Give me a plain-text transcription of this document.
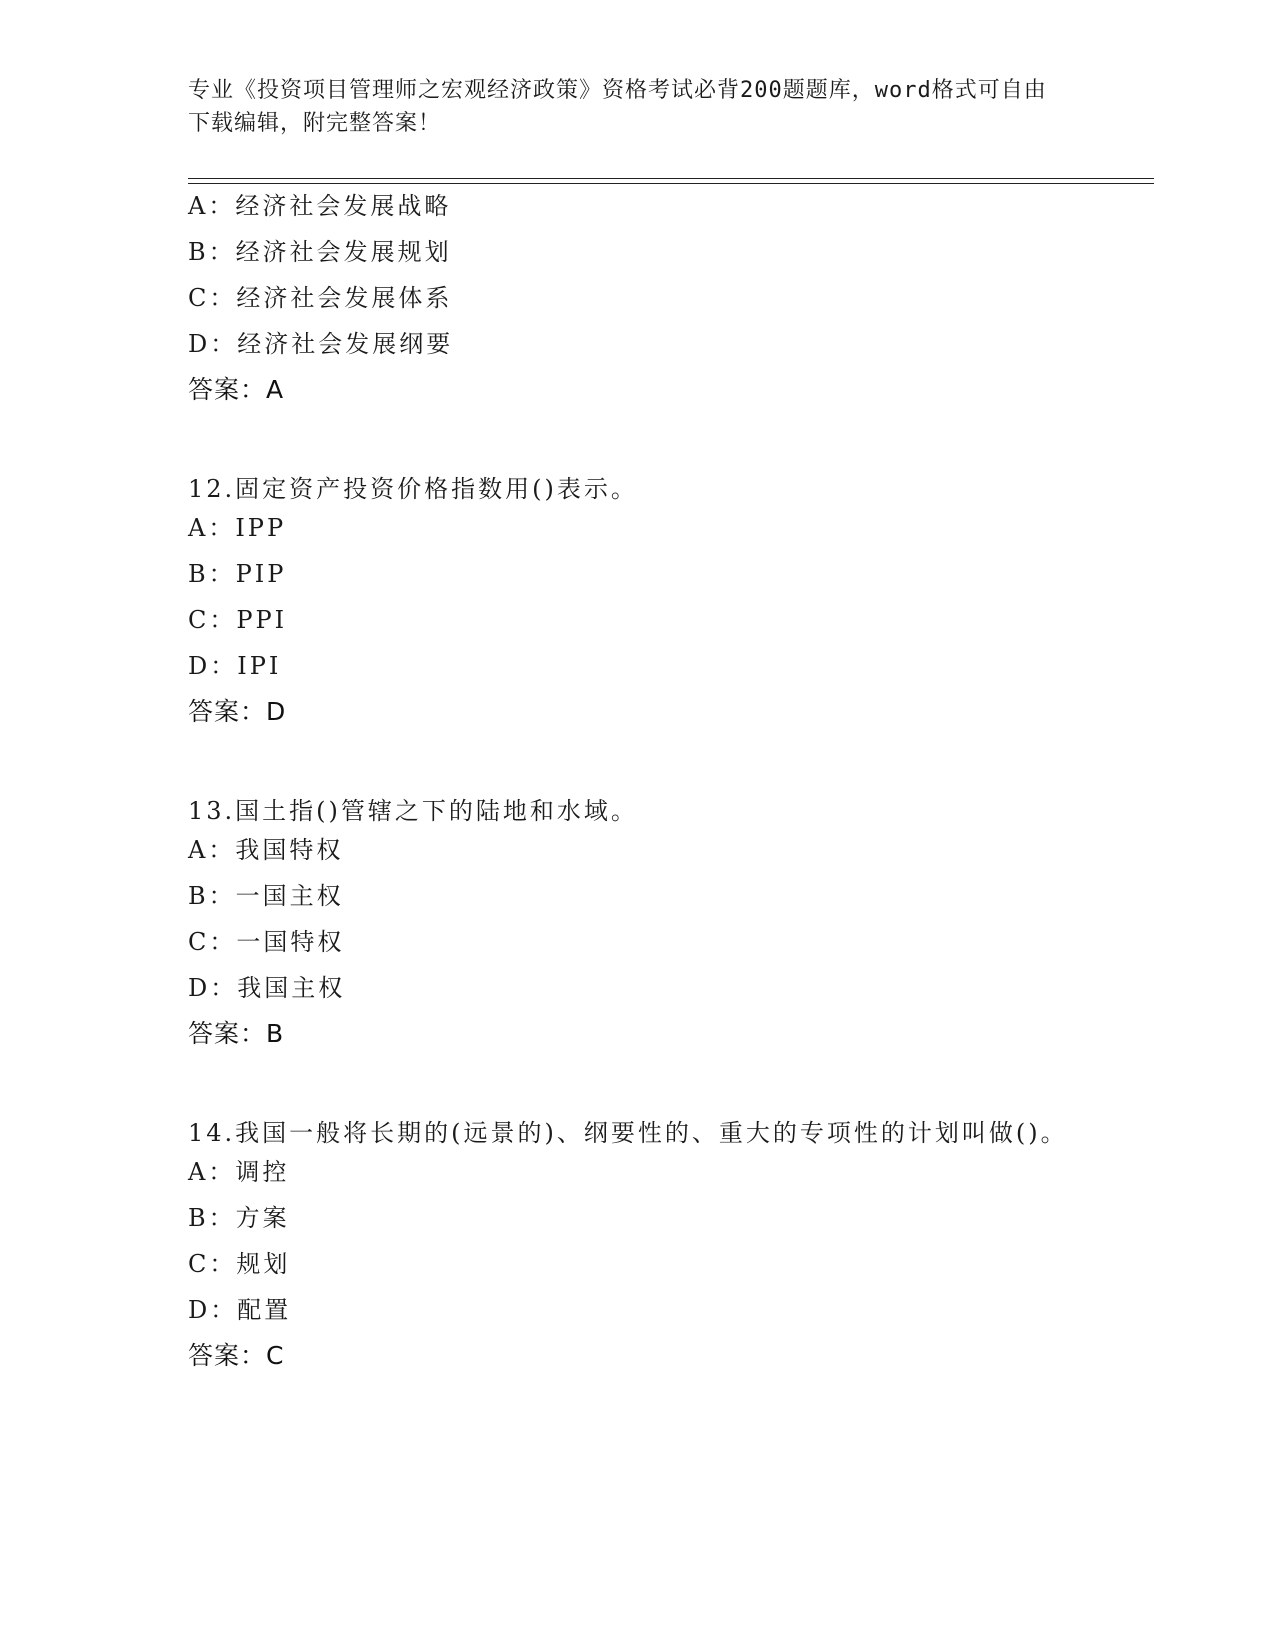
专业《投资项目管理师之宏观经济政策》资格考试必背200题题库，word格式可自由下载编辑，附完整答案！
A：经济社会发展战略
B：经济社会发展规划
C：经济社会发展体系
D：经济社会发展纲要
答案：A
12.固定资产投资价格指数用()表示。
A：IPP
B：PIP
C：PPI
D：IPI
答案：D
13.国土指()管辖之下的陆地和水域。
A：我国特权
B：一国主权
C：一国特权
D：我国主权
答案：B
14.我国一般将长期的(远景的)、纲要性的、重大的专项性的计划叫做()。
A：调控
B：方案
C：规划
D：配置
答案：C
